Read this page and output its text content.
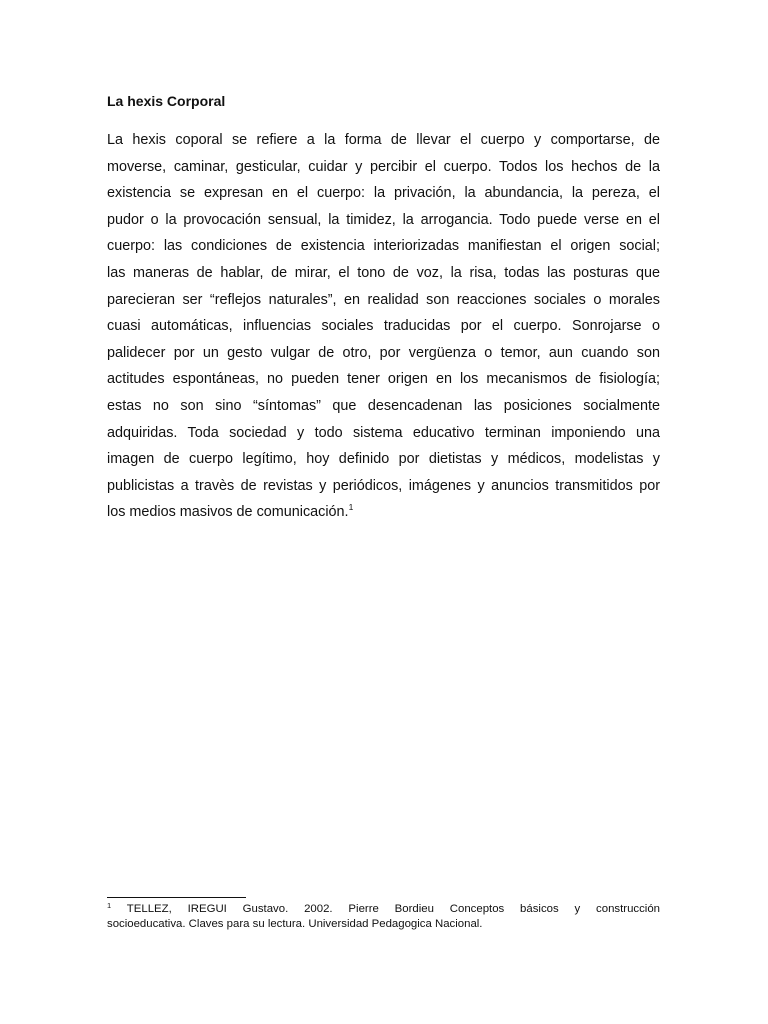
La hexis Corporal
La hexis coporal se refiere a la forma de llevar el cuerpo y comportarse, de
moverse, caminar, gesticular, cuidar y percibir el cuerpo. Todos los hechos de la
existencia se expresan en el cuerpo: la privación, la abundancia, la pereza, el
pudor o la provocación sensual, la timidez, la arrogancia. Todo puede verse en el
cuerpo: las condiciones de existencia interiorizadas manifiestan el origen social;
las maneras de hablar, de mirar, el tono de voz, la risa, todas las posturas que
parecieran ser “reflejos naturales”, en realidad son reacciones sociales o morales
cuasi automáticas, influencias sociales traducidas por el cuerpo. Sonrojarse o
palidecer por un gesto vulgar de otro, por vergüenza o temor, aun cuando son
actitudes espontáneas, no pueden tener origen en los mecanismos de fisiología;
estas no son sino “síntomas” que desencadenan las posiciones socialmente
adquiridas. Toda sociedad y todo sistema educativo terminan imponiendo una
imagen de cuerpo legítimo, hoy definido por dietistas y médicos, modelistas y
publicistas a travès de revistas y periódicos, imágenes y anuncios transmitidos por
los medios masivos de comunicación.$^1$
$^1$ TELLEZ, IREGUI Gustavo. 2002. Pierre Bordieu Conceptos básicos y construcción
socioeducativa. Claves para su lectura. Universidad Pedagogica Nacional.
